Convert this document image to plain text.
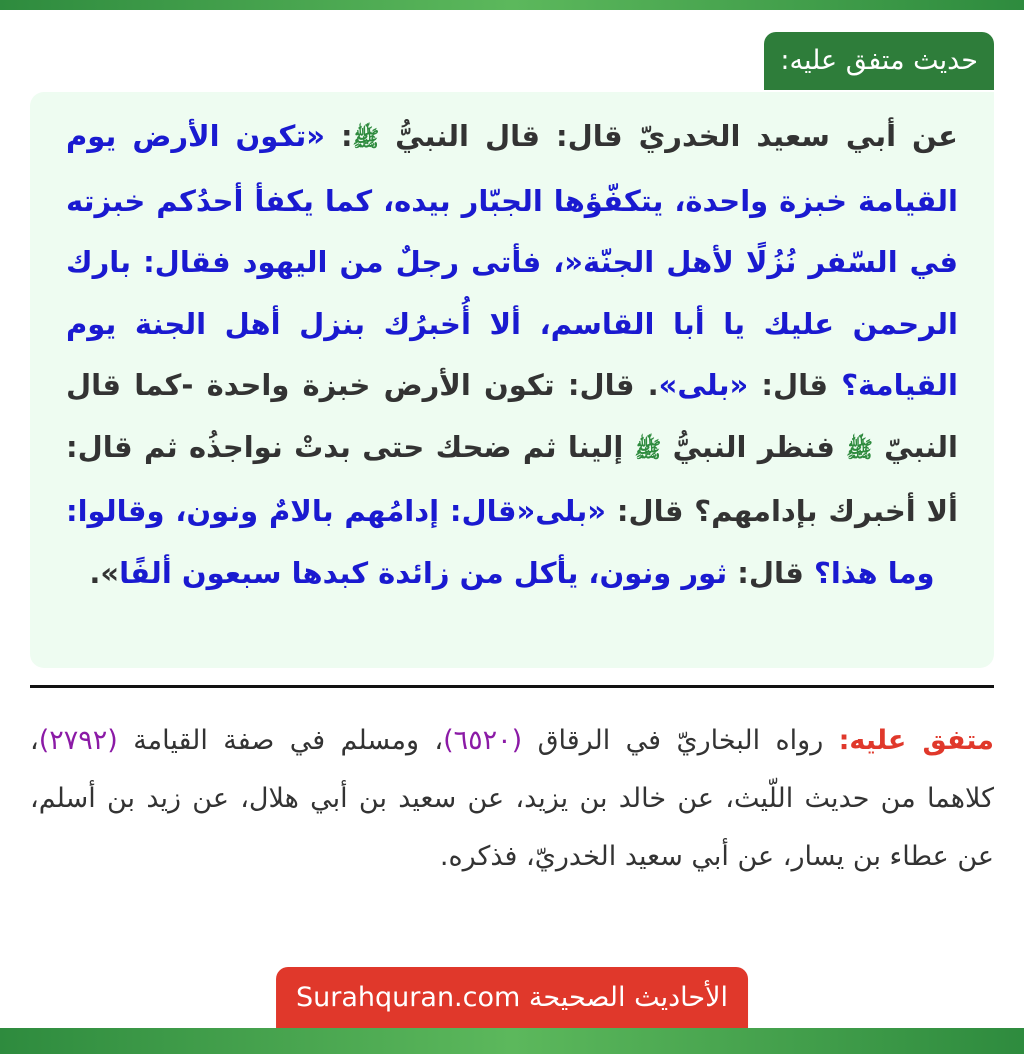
حديث متفق عليه:

عن أبي سعيد الخدريّ قال: قال النبيُّ ﷺ: «تكون الأرض يوم القيامة خبزة واحدة، يتكفّؤها الجبّار بيده، كما يكفأ أحدُكم خبزته في السّفر نُزُلًا لأهل الجنّة«، فأتى رجلٌ من اليهود فقال: بارك الرحمن عليك يا أبا القاسم، ألا أُخبرُك بنزل أهل الجنة يوم القيامة؟ قال: «بلى». قال: تكون الأرض خبزة واحدة -كما قال النبيّ ﷺ فنظر النبيُّ ﷺ إلينا ثم ضحك حتى بدتْ نواجذُه ثم قال: ألا أخبرك بإدامهم؟ قال: «بلى«قال: إدامُهم بالامٌ ونون، وقالوا: وما هذا؟ قال: ثور ونون، يأكل من زائدة كبدها سبعون ألفًا».

متفق عليه: رواه البخاريّ في الرقاق (٦٥٢٠)، ومسلم في صفة القيامة (٢٧٩٢)، كلاهما من حديث اللّيث، عن خالد بن يزيد، عن سعيد بن أبي هلال، عن زيد بن أسلم، عن عطاء بن يسار، عن أبي سعيد الخدريّ، فذكره.

الأحاديث الصحيحة Surahquran.com
